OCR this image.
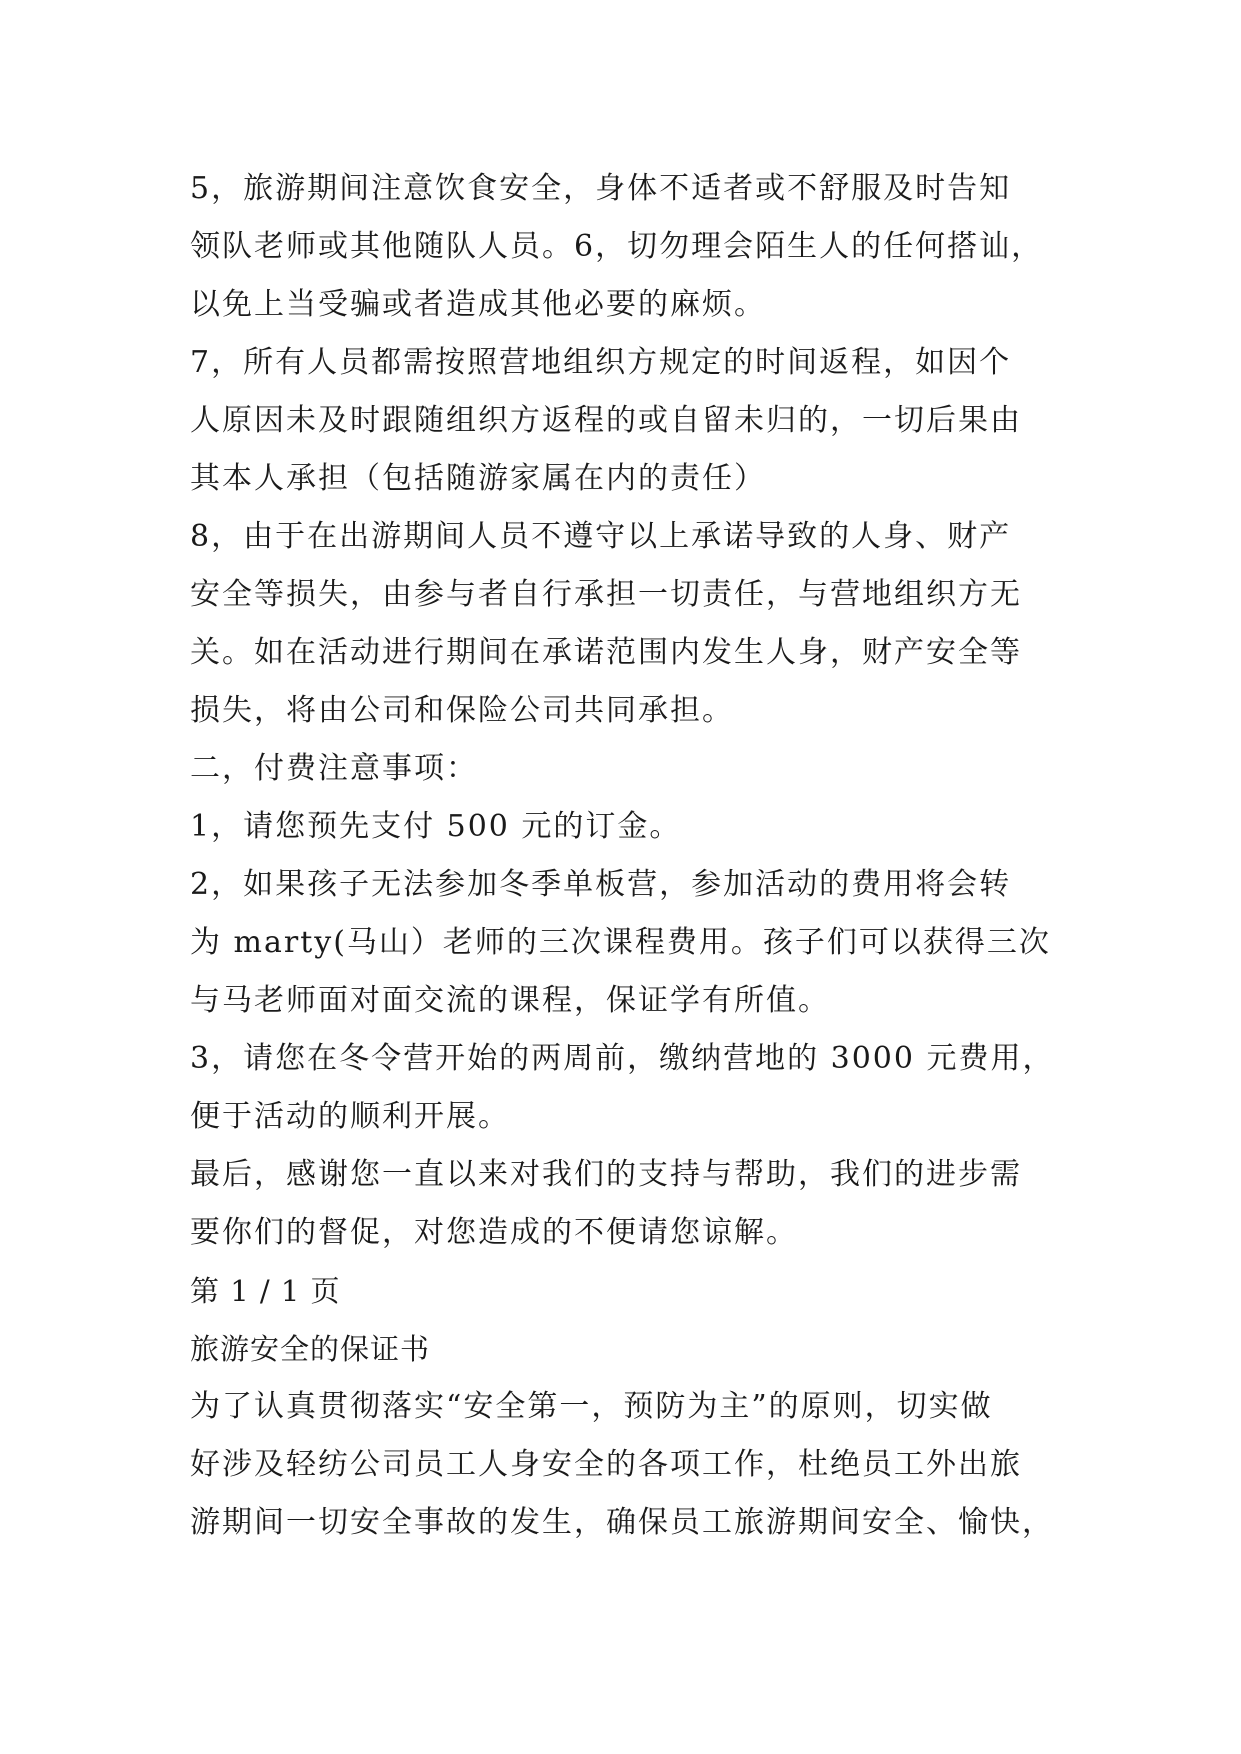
5，旅游期间注意饮食安全，身体不适者或不舒服及时告知
领队老师或其他随队人员。6，切勿理会陌生人的任何搭讪，
以免上当受骗或者造成其他必要的麻烦。
7，所有人员都需按照营地组织方规定的时间返程，如因个
人原因未及时跟随组织方返程的或自留未归的，一切后果由
其本人承担（包括随游家属在内的责任）
8，由于在出游期间人员不遵守以上承诺导致的人身、财产
安全等损失，由参与者自行承担一切责任，与营地组织方无
关。如在活动进行期间在承诺范围内发生人身，财产安全等
损失，将由公司和保险公司共同承担。
二，付费注意事项：
1，请您预先支付 500 元的订金。
2，如果孩子无法参加冬季单板营，参加活动的费用将会转
为 marty(马山）老师的三次课程费用。孩子们可以获得三次
与马老师面对面交流的课程，保证学有所值。
3，请您在冬令营开始的两周前，缴纳营地的 3000 元费用，
便于活动的顺利开展。
最后，感谢您一直以来对我们的支持与帮助，我们的进步需
要你们的督促，对您造成的不便请您谅解。
第 1 / 1 页
旅游安全的保证书
为了认真贯彻落实“安全第一，预防为主”的原则，切实做
好涉及轻纺公司员工人身安全的各项工作，杜绝员工外出旅
游期间一切安全事故的发生，确保员工旅游期间安全、愉快，
